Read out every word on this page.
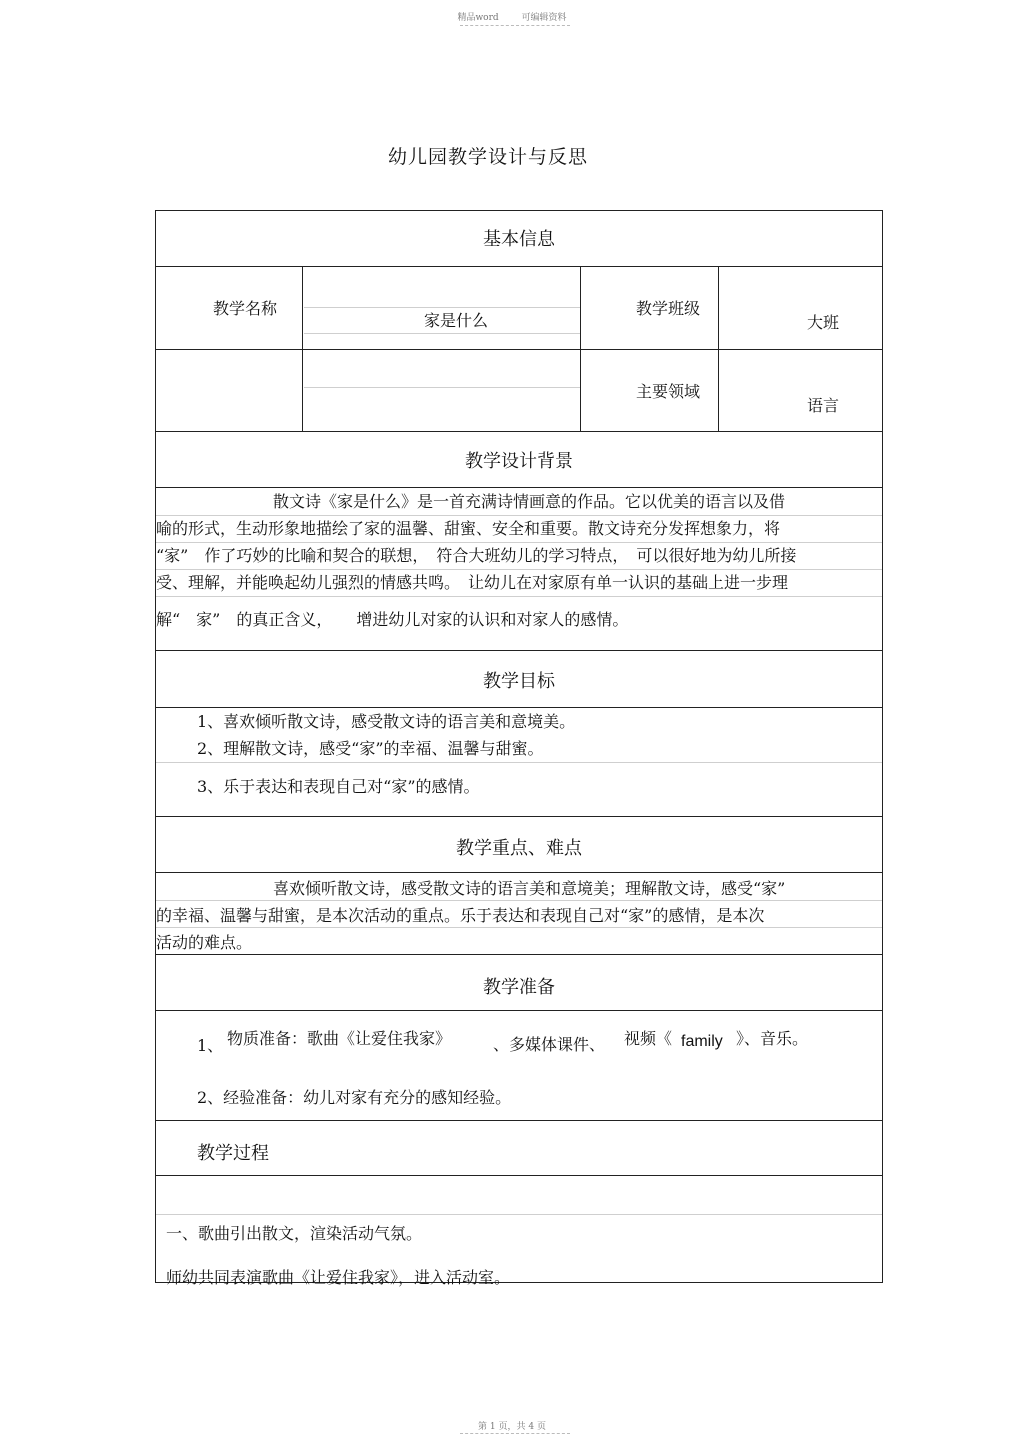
精品word	可编辑资料
幼儿园教学设计与反思
基本信息
教学名称
家是什么
教学班级
大班
主要领域
语言
教学设计背景
散文诗《家是什么》是一首充满诗情画意的作品。它以优美的语言以及借
喻的形式，生动形象地描绘了家的温馨、甜蜜、安全和重要。散文诗充分发挥想象力，将
“家”　作了巧妙的比喻和契合的联想，　符合大班幼儿的学习特点，　可以很好地为幼儿所接
受、理解，并能唤起幼儿强烈的情感共鸣。　让幼儿在对家原有单一认识的基础上进一步理
解“　家”　的真正含义，　　增进幼儿对家的认识和对家人的感情。
教学目标
1、喜欢倾听散文诗，感受散文诗的语言美和意境美。
2、理解散文诗，感受“家”的幸福、温馨与甜蜜。
3、乐于表达和表现自己对“家”的感情。
教学重点、难点
喜欢倾听散文诗，感受散文诗的语言美和意境美；理解散文诗，感受“家”
的幸福、温馨与甜蜜，是本次活动的重点。乐于表达和表现自己对“家”的感情，是本次
活动的难点。
教学准备
1、 物质准备：歌曲《让爱住我家》	、多媒体课件、 视频《 family 》、音乐。
2、经验准备：幼儿对家有充分的感知经验。
教学过程
一、歌曲引出散文，渲染活动气氛。
师幼共同表演歌曲《让爱住我家》，进入活动室。
第 1 页，共 4 页
